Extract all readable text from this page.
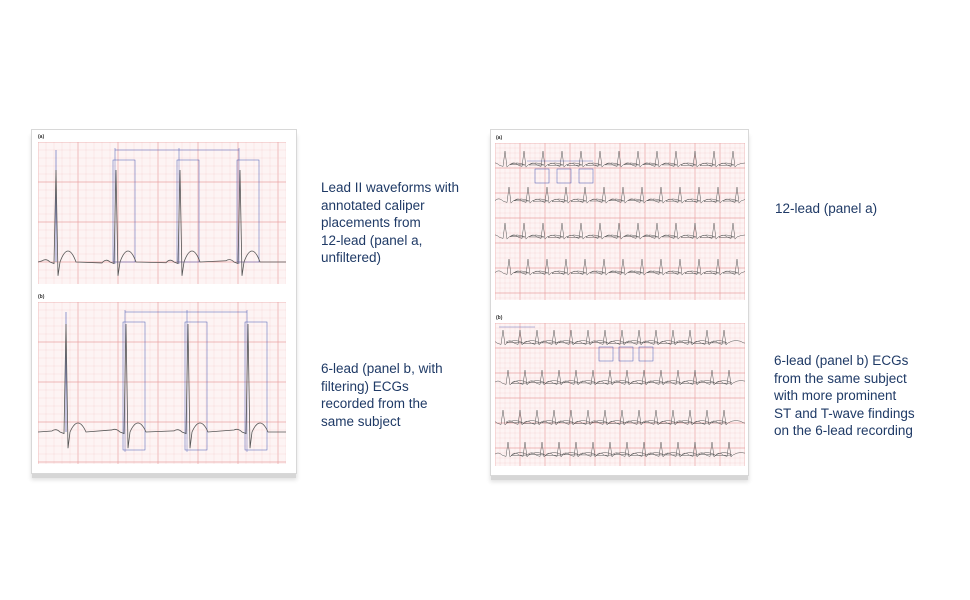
(a)
(b)
(a)
(b)
Lead II waveforms with
annotated caliper
placements from
12-lead (panel a,
unfiltered)
6-lead (panel b, with
filtering) ECGs
recorded from the
same subject
12-lead (panel a)
6-lead (panel b) ECGs
from the same subject
with more prominent
ST and T-wave findings
on the 6-lead recording
